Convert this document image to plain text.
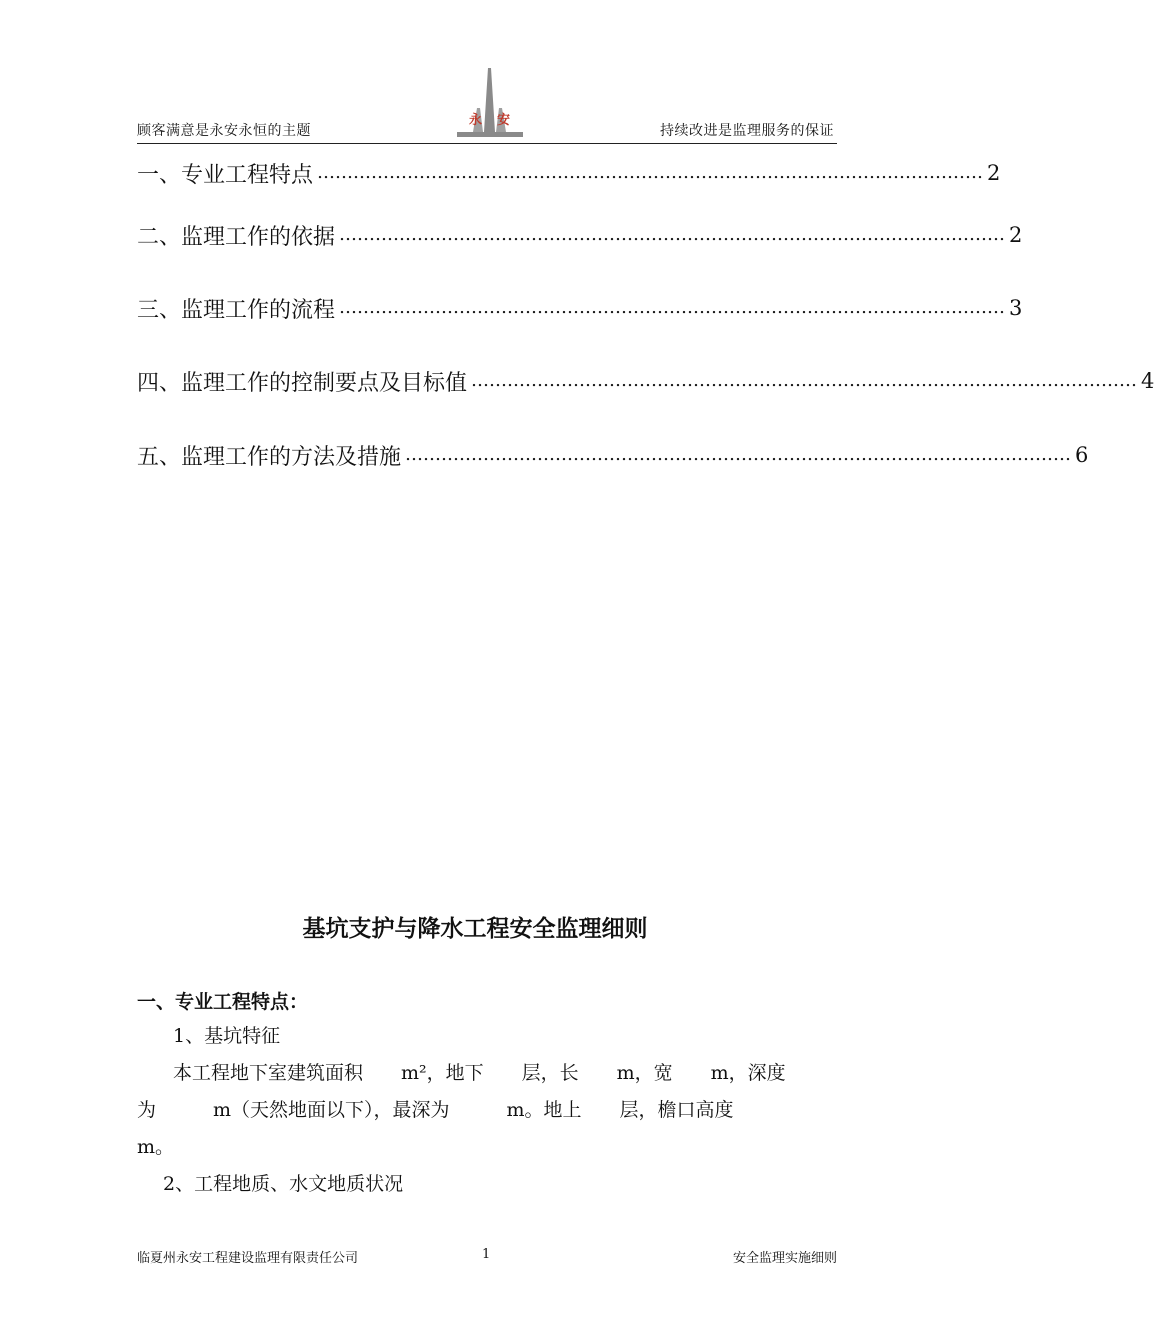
顾客满意是永安永恒的主题
永 安
持续改进是监理服务的保证
一、专业工程特点 ………………………………………………………………………………………………… 2
二、监理工作的依据 ………………………………………………………………………………………………… 2
三、监理工作的流程 ………………………………………………………………………………………………… 3
四、监理工作的控制要点及目标值 ………………………………………………………………………………………………… 4
五、监理工作的方法及措施 ………………………………………………………………………………………………… 6
基坑支护与降水工程安全监理细则
一、专业工程特点：
1、基坑特征
本工程地下室建筑面积　　m²，地下　　层，长　　m，宽　　m，深度
为　　　m（天然地面以下），最深为　　　m。地上　　层，檐口高度
m。
2、工程地质、水文地质状况
临夏州永安工程建设监理有限责任公司	1	安全监理实施细则
